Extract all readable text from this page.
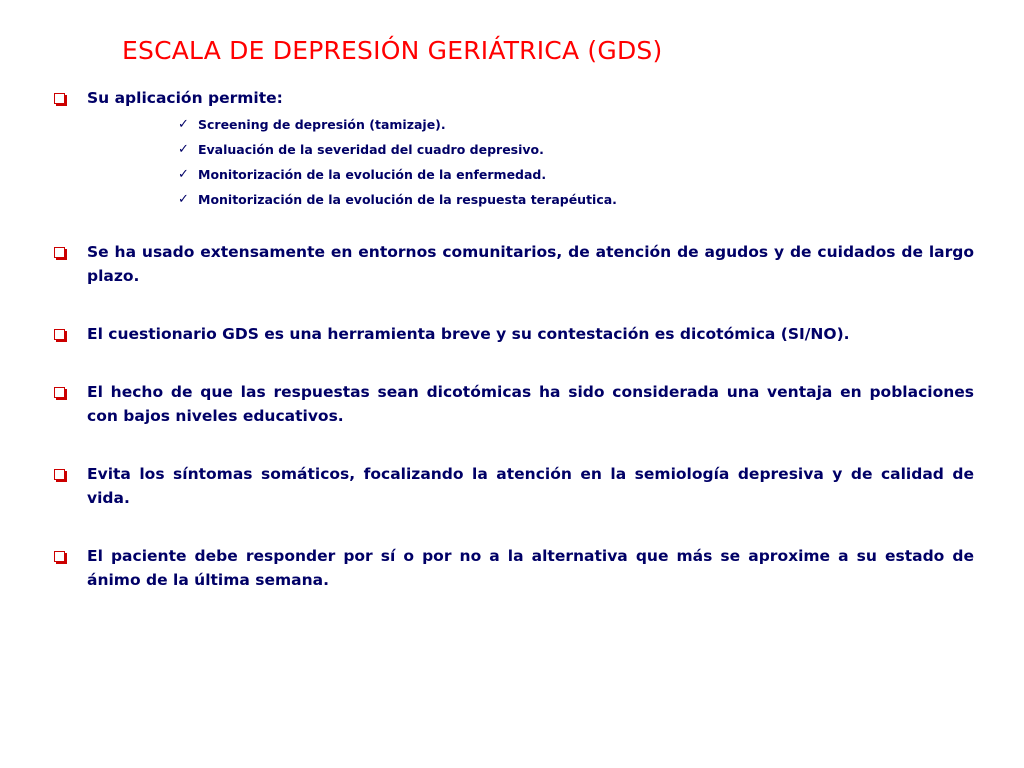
ESCALA DE DEPRESIÓN GERIÁTRICA (GDS)
Su aplicación permite:
✓ Screening de depresión (tamizaje).
✓ Evaluación de la severidad del cuadro depresivo.
✓ Monitorización de la evolución de la enfermedad.
✓ Monitorización de la evolución de la respuesta terapéutica.
Se ha usado extensamente en entornos comunitarios, de atención de agudos y de cuidados de largo plazo.
El cuestionario GDS es una herramienta breve y su contestación es dicotómica (SI/NO).
El hecho de que las respuestas sean dicotómicas ha sido considerada una ventaja en poblaciones con bajos niveles educativos.
Evita los síntomas somáticos, focalizando la atención en la semiología depresiva y de calidad de vida.
El paciente debe responder por sí o por no a la alternativa que más se aproxime a su estado de ánimo de la última semana.
